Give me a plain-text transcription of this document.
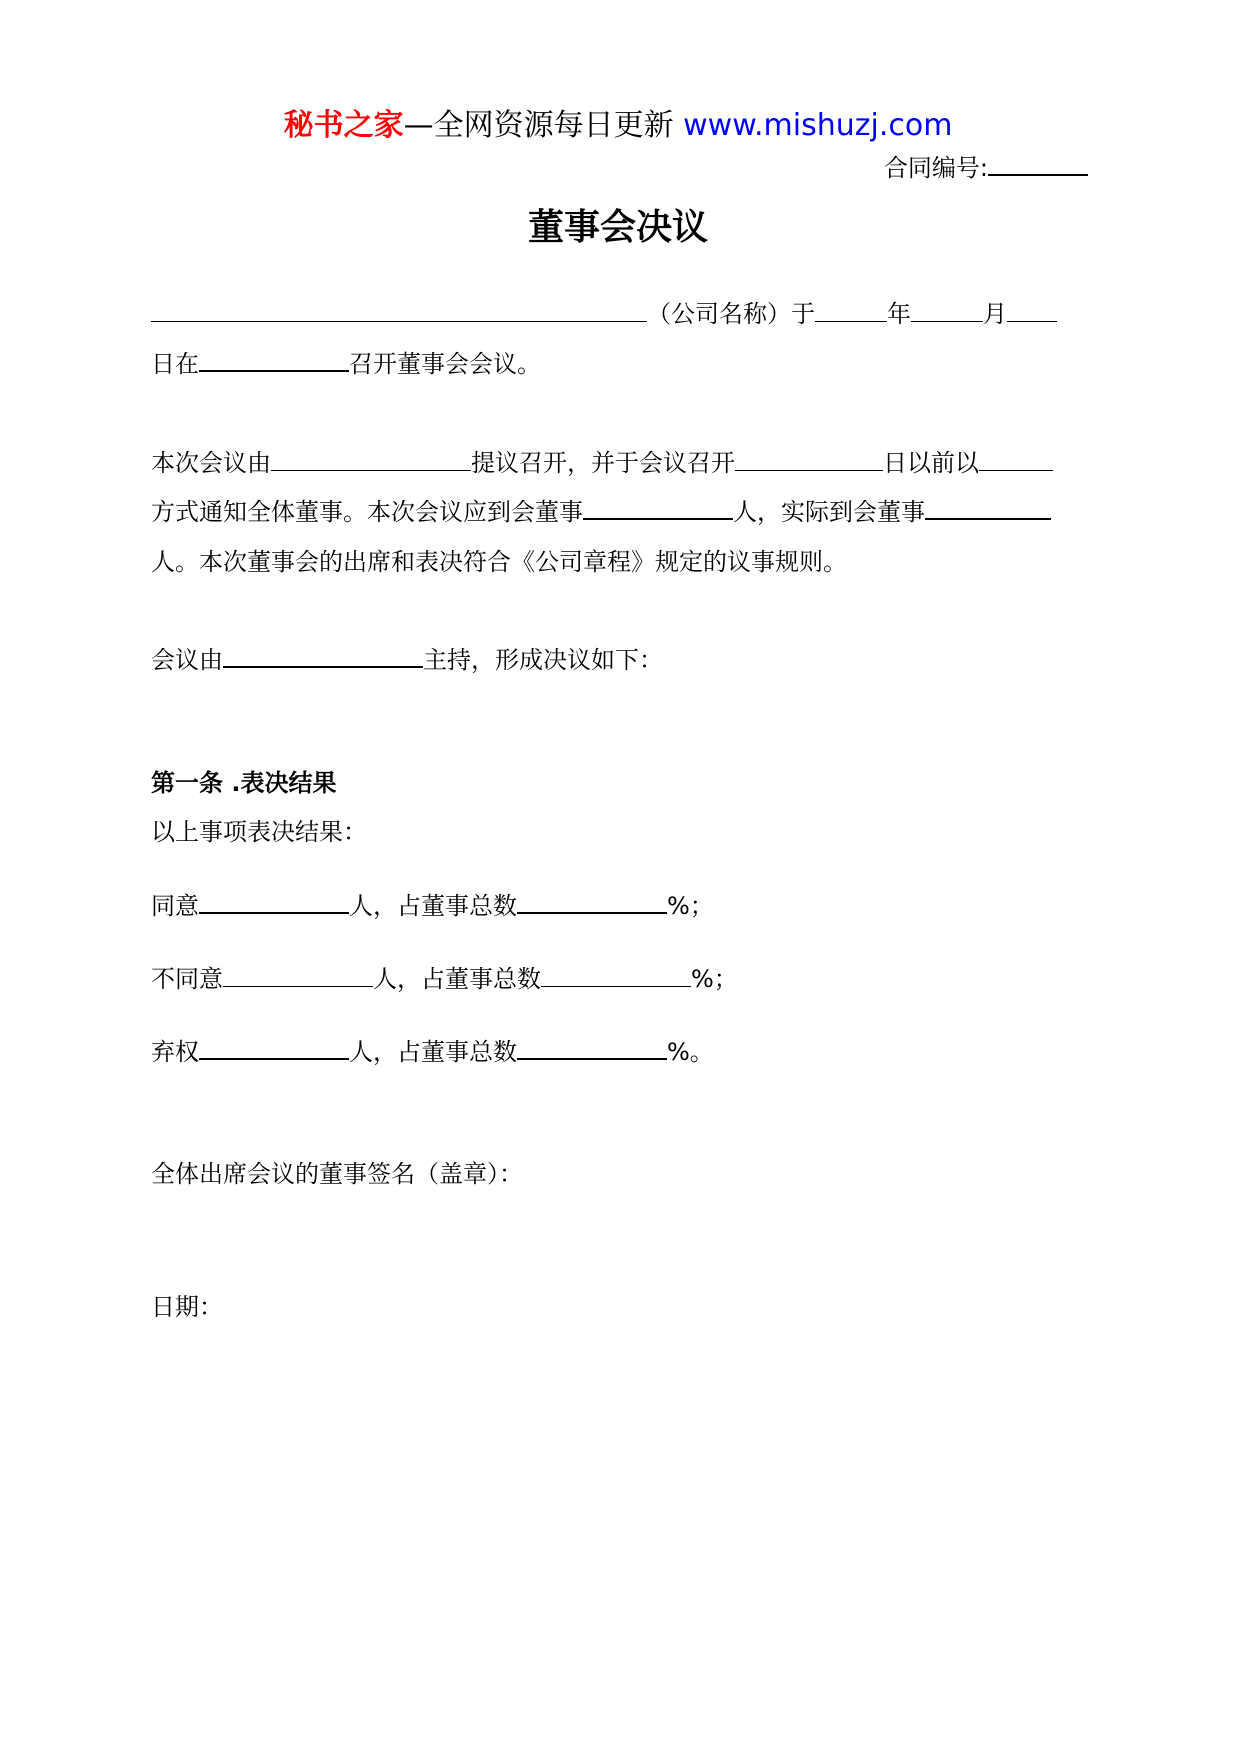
秘书之家—全网资源每日更新 www.mishuzj.com
合同编号:
董事会决议
（公司名称）于	年	月
日在	召开董事会会议。
本次会议由	提议召开，并于会议召开	日以前以
方式通知全体董事。本次会议应到会董事	人，实际到会董事
人。本次董事会的出席和表决符合《公司章程》规定的议事规则。
会议由	主持，形成决议如下：
第一条 .表决结果
以上事项表决结果：
同意	人，占董事总数	%；
不同意	人，占董事总数	%；
弃权	人，占董事总数	%。
全体出席会议的董事签名（盖章）：
日期：
